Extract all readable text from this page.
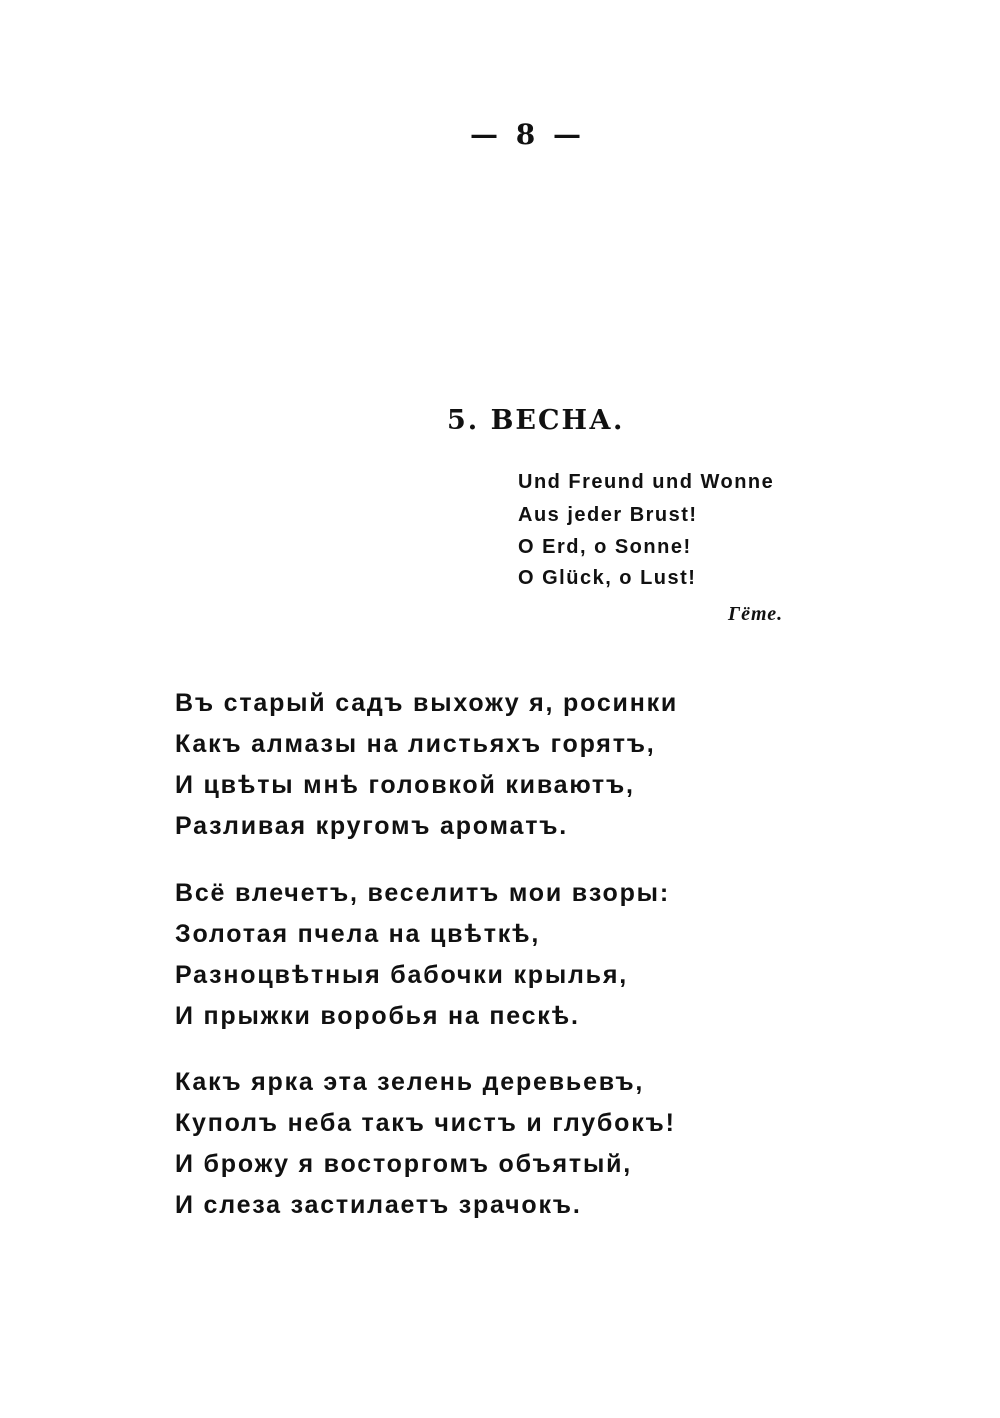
— 8 —
5. ВЕСНА.
Und Freund und Wonne
Aus jeder Brust!
O Erd, o Sonne!
O Glück, o Lust!
Гёте.
Въ старый садъ выхожу я, росинки
Какъ алмазы на листьяхъ горятъ,
И цвѣты мнѣ головкой киваютъ,
Разливая кругомъ ароматъ.
Всё влечетъ, веселитъ мои взоры:
Золотая пчела на цвѣткѣ,
Разноцвѣтныя бабочки крылья,
И прыжки воробья на пескѣ.
Какъ ярка эта зелень деревьевъ,
Куполъ неба такъ чистъ и глубокъ!
И брожу я восторгомъ объятый,
И слеза застилаетъ зрачокъ.
